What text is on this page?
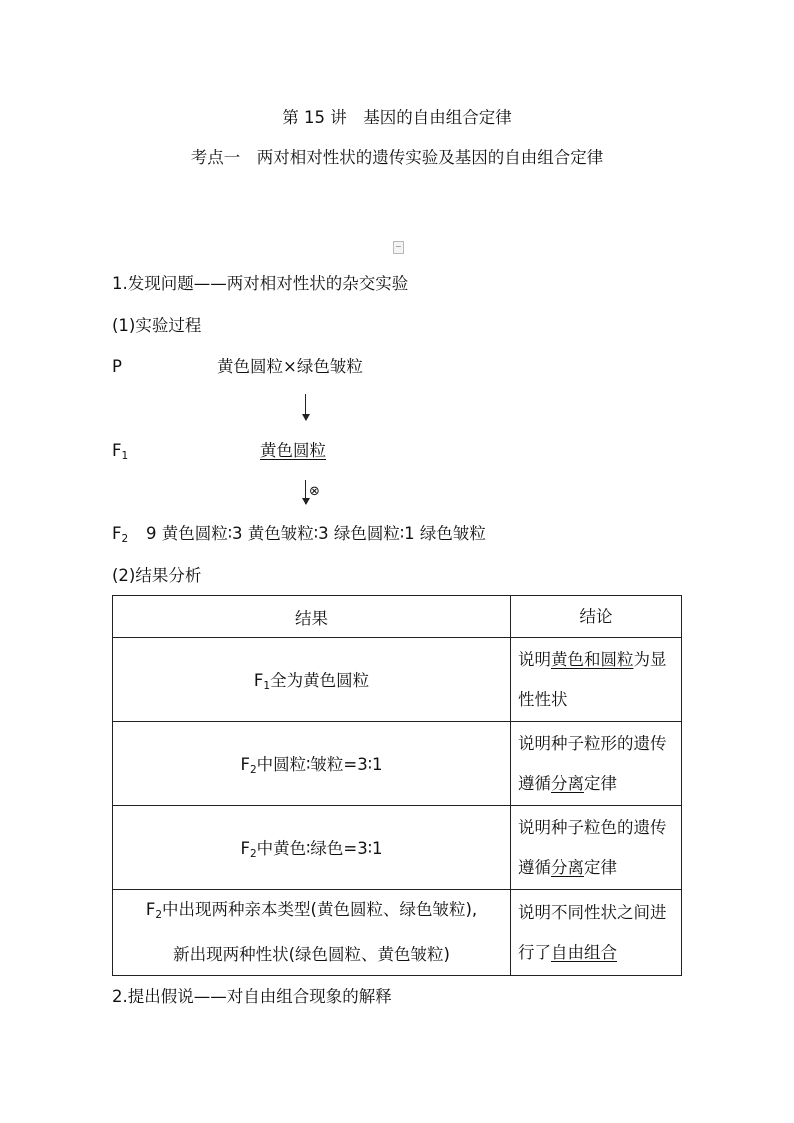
第 15 讲　基因的自由组合定律
考点一　两对相对性状的遗传实验及基因的自由组合定律
1.发现问题——两对相对性状的杂交实验
(1)实验过程
P	黄色圆粒×绿色皱粒
$F_1$	黄色圆粒
⊗
$F_2$ 9 黄色圆粒∶3 黄色皱粒∶3 绿色圆粒∶1 绿色皱粒
(2)结果分析
结果	结论
$F_1$全为黄色圆粒	说明黄色和圆粒为显性性状
$F_2$中圆粒∶皱粒=3∶1	说明种子粒形的遗传遵循分离定律
$F_2$中黄色∶绿色=3∶1	说明种子粒色的遗传遵循分离定律

$F_2$中出现两种亲本类型(黄色圆粒、绿色皱粒),
新出现两种性状(绿色圆粒、黄色皱粒)	说明不同性状之间进行了自由组合
2.提出假说——对自由组合现象的解释
